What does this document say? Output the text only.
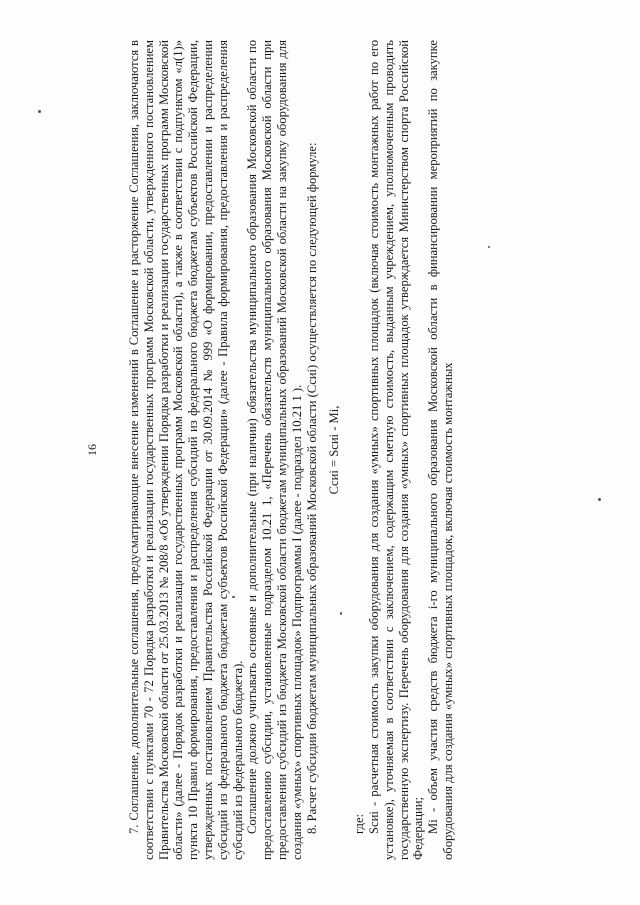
16 7. Соглашение, дополнительные соглашения, предусматривающие внесение изменений в Соглашение и расторжение Соглашения, заключаются в соответствии с пунктами 70 - 72 Порядка разработки и реализации государственных программ Московской области, утвержденного постановлением Правительства Московской области от 25.03.2013 № 208/8 «Об утверждении Порядка разработки и реализации государственных программ Московской области» (далее - Порядок разработки и реализации государственных программ Московской области), а также в соответствии с подпунктом «л(1)» пункта 10 Правил формирования, предоставления и распределения субсидий из федерального бюджета бюджетам субъектов Российской Федерации, утвержденных постановлением Правительства Российской Федерации от 30.09.2014 № 999 «О формировании, предоставлении и распределении субсидий из федерального бюджета бюджетам субъектов Российской Федерации» (далее - Правила формирования, предоставления и распределения субсидий из федерального бюджета). Соглашение должно учитывать основные и дополнительные (при наличии) обязательства муниципального образования Московской области по предоставлению субсидии, установленные подразделом 10.21 1, «Перечень обязательств муниципального образования Московской области при предоставлении субсидий из бюджета Московской области бюджетам муниципальных образований Московской области на закупку оборудования для создания «умных» спортивных площадок» Подпрограммы I (далее - подраздел 10.21 1 ). 8. Расчет субсидии бюджетам муниципальных образований Московской области (Cсиi) осуществляется по следующей формуле: Cсиi = Sсиi - Mi,

где: Sсиi - расчетная стоимость закупки оборудования для создания «умных» спортивных площадок (включая стоимость монтажных работ по его установке), уточняемая в соответствии с заключением, содержащим сметную стоимость, выданным учреждением, уполномоченным проводить государственную экспертизу. Перечень оборудования для создания «умных» спортивных площадок утверждается Министерством спорта Российской Федерации; Mi - объем участия средств бюджета i-го муниципального образования Московской области в финансировании мероприятий по закупке оборудования для создания «умных» спортивных площадок, включая стоимость монтажных
